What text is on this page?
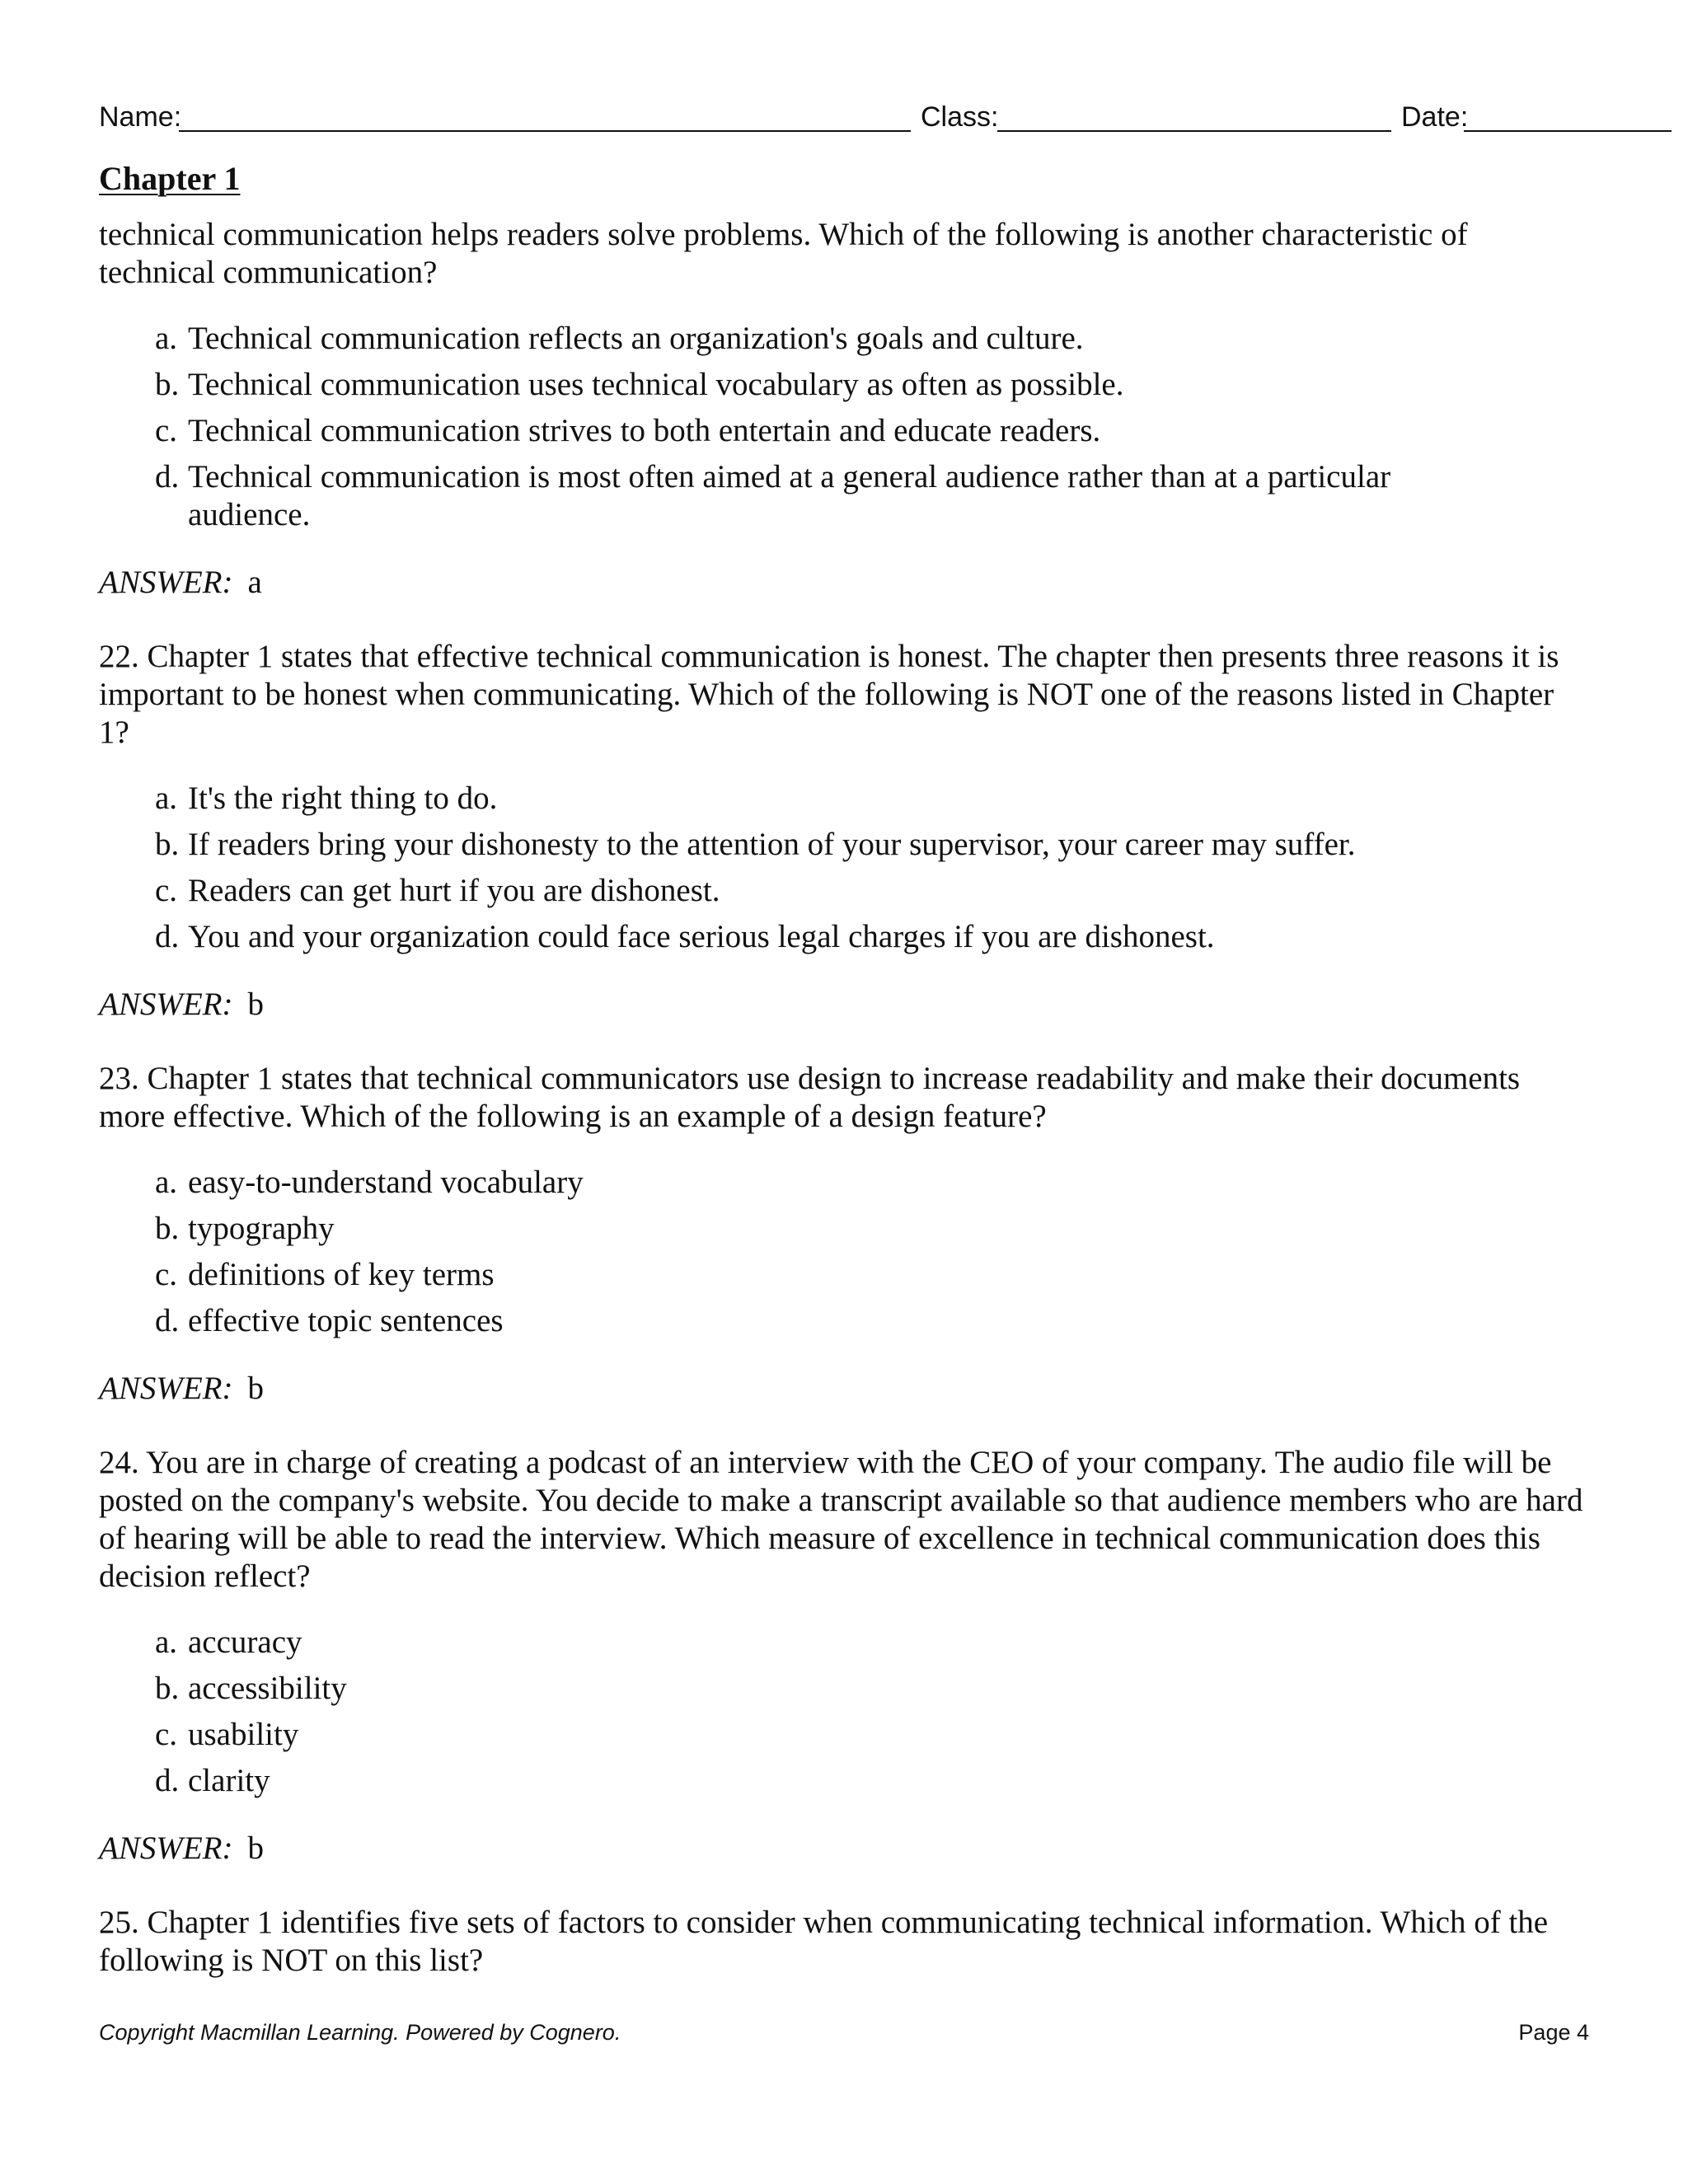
Name:	Class:	Date:
Chapter 1

technical communication helps readers solve problems. Which of the following is another characteristic of technical communication?

a. Technical communication reflects an organization's goals and culture.
b. Technical communication uses technical vocabulary as often as possible.
c. Technical communication strives to both entertain and educate readers.
d. Technical communication is most often aimed at a general audience rather than at a particular audience.

ANSWER: a

22. Chapter 1 states that effective technical communication is honest. The chapter then presents three reasons it is important to be honest when communicating. Which of the following is NOT one of the reasons listed in Chapter 1?

a. It's the right thing to do.
b. If readers bring your dishonesty to the attention of your supervisor, your career may suffer.
c. Readers can get hurt if you are dishonest.
d. You and your organization could face serious legal charges if you are dishonest.

ANSWER: b

23. Chapter 1 states that technical communicators use design to increase readability and make their documents more effective. Which of the following is an example of a design feature?

a. easy-to-understand vocabulary
b. typography
c. definitions of key terms
d. effective topic sentences

ANSWER: b

24. You are in charge of creating a podcast of an interview with the CEO of your company. The audio file will be posted on the company's website. You decide to make a transcript available so that audience members who are hard of hearing will be able to read the interview. Which measure of excellence in technical communication does this decision reflect?

a. accuracy
b. accessibility
c. usability
d. clarity

ANSWER: b

25. Chapter 1 identifies five sets of factors to consider when communicating technical information. Which of the following is NOT on this list?

Copyright Macmillan Learning. Powered by Cognero.	Page 4
